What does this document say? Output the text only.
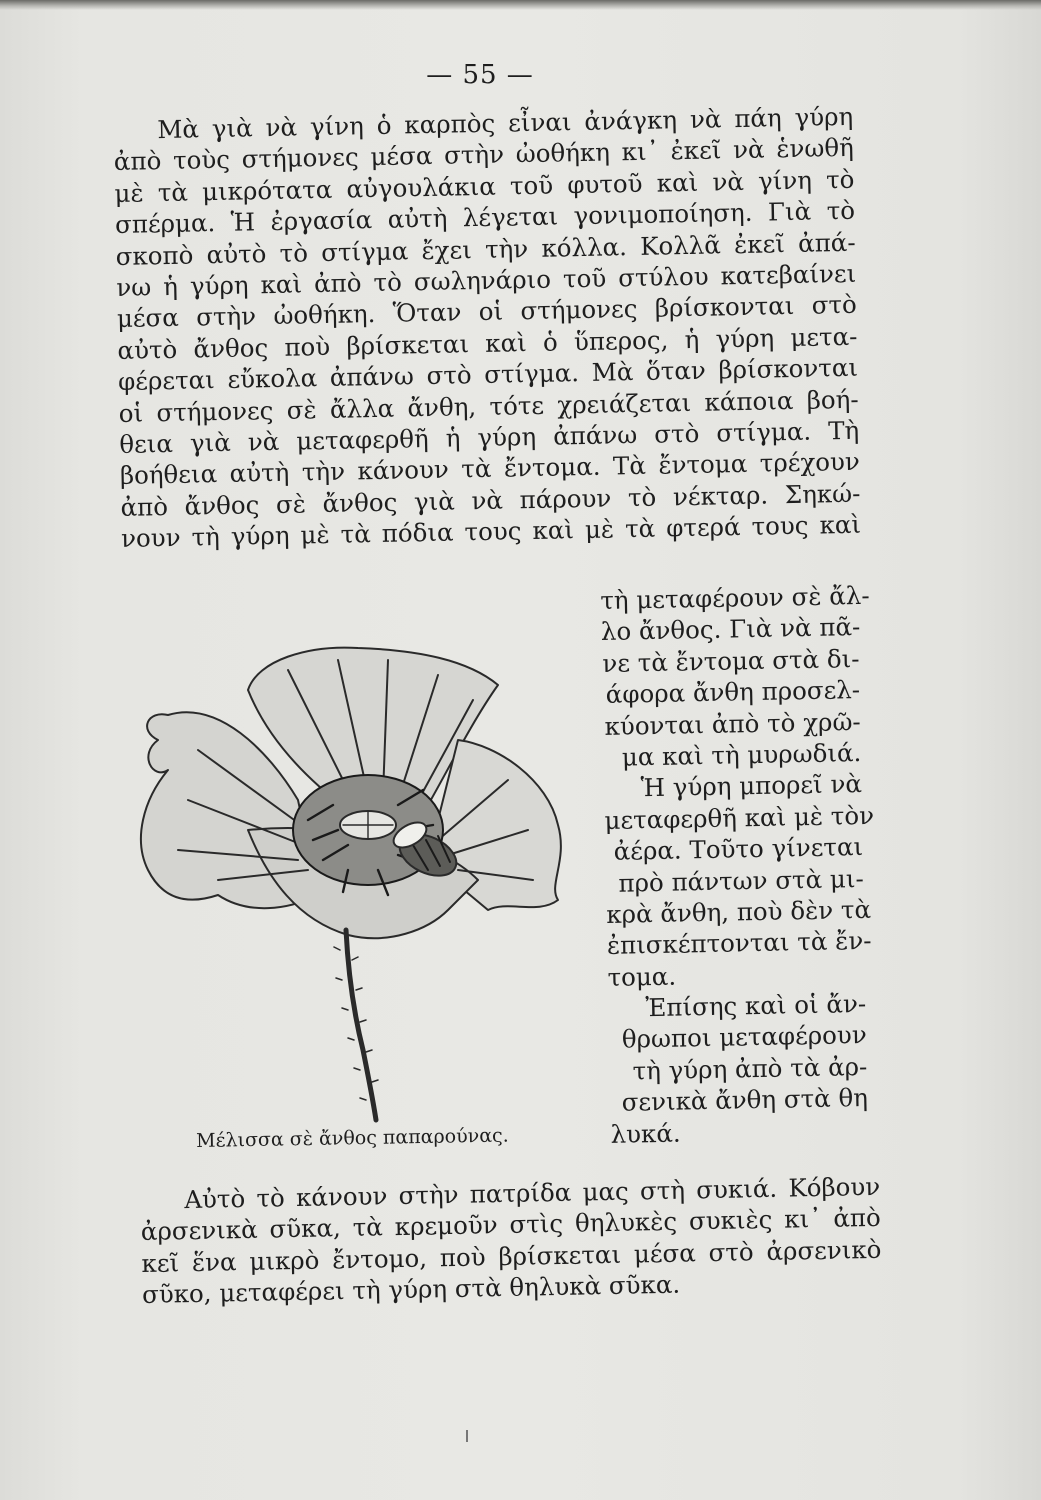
— 55 —
Μὰ γιὰ νὰ γίνη ὁ καρπὸς εἶναι ἀνάγκη νὰ πάη γύρη
ἀπὸ τοὺς στήμονες μέσα στὴν ὠοθήκη κι᾽ ἐκεῖ νὰ ἑνωθῆ
μὲ τὰ μικρότατα αὐγουλάκια τοῦ φυτοῦ καὶ νὰ γίνη τὸ
σπέρμα. Ἡ ἐργασία αὐτὴ λέγεται γονιμοποίηση. Γιὰ τὸ
σκοπὸ αὐτὸ τὸ στίγμα ἔχει τὴν κόλλα. Κολλᾶ ἐκεῖ ἀπά-
νω ἡ γύρη καὶ ἀπὸ τὸ σωληνάριο τοῦ στύλου κατεβαίνει
μέσα στὴν ὠοθήκη. Ὅταν οἱ στήμονες βρίσκονται στὸ
αὐτὸ ἄνθος ποὺ βρίσκεται καὶ ὁ ὕπερος, ἡ γύρη μετα-
φέρεται εὔκολα ἀπάνω στὸ στίγμα. Μὰ ὅταν βρίσκονται
οἱ στήμονες σὲ ἄλλα ἄνθη, τότε χρειάζεται κάποια βοή-
θεια γιὰ νὰ μεταφερθῆ ἡ γύρη ἀπάνω στὸ στίγμα. Τὴ
βοήθεια αὐτὴ τὴν κάνουν τὰ ἔντομα. Τὰ ἔντομα τρέχουν
ἀπὸ ἄνθος σὲ ἄνθος γιὰ νὰ πάρουν τὸ νέκταρ. Σηκώ-
νουν τὴ γύρη μὲ τὰ πόδια τους καὶ μὲ τὰ φτερά τους καὶ
τὴ μεταφέρουν σὲ ἄλ-
λο ἄνθος. Γιὰ νὰ πᾶ-
νε τὰ ἔντομα στὰ δι-
άφορα ἄνθη προσελ-
κύονται ἀπὸ τὸ χρῶ-
μα καὶ τὴ μυρωδιά.
Ἡ γύρη μπορεῖ νὰ
μεταφερθῆ καὶ μὲ τὸν
ἀέρα. Τοῦτο γίνεται
πρὸ πάντων στὰ μι-
κρὰ ἄνθη, ποὺ δὲν τὰ
ἐπισκέπτονται τὰ ἔν-
τομα.
Ἐπίσης καὶ οἱ ἄν-
θρωποι μεταφέρουν
τὴ γύρη ἀπὸ τὰ ἀρ-
σενικὰ ἄνθη στὰ θη
λυκά.
Μέλισσα σὲ ἄνθος παπαρούνας.
Αὐτὸ τὸ κάνουν στὴν πατρίδα μας στὴ συκιά. Κόβουν
ἀρσενικὰ σῦκα, τὰ κρεμοῦν στὶς θηλυκὲς συκιὲς κι᾽ ἀπὸ
κεῖ ἕνα μικρὸ ἔντομο, ποὺ βρίσκεται μέσα στὸ ἀρσενικὸ
σῦκο, μεταφέρει τὴ γύρη στὰ θηλυκὰ σῦκα.
